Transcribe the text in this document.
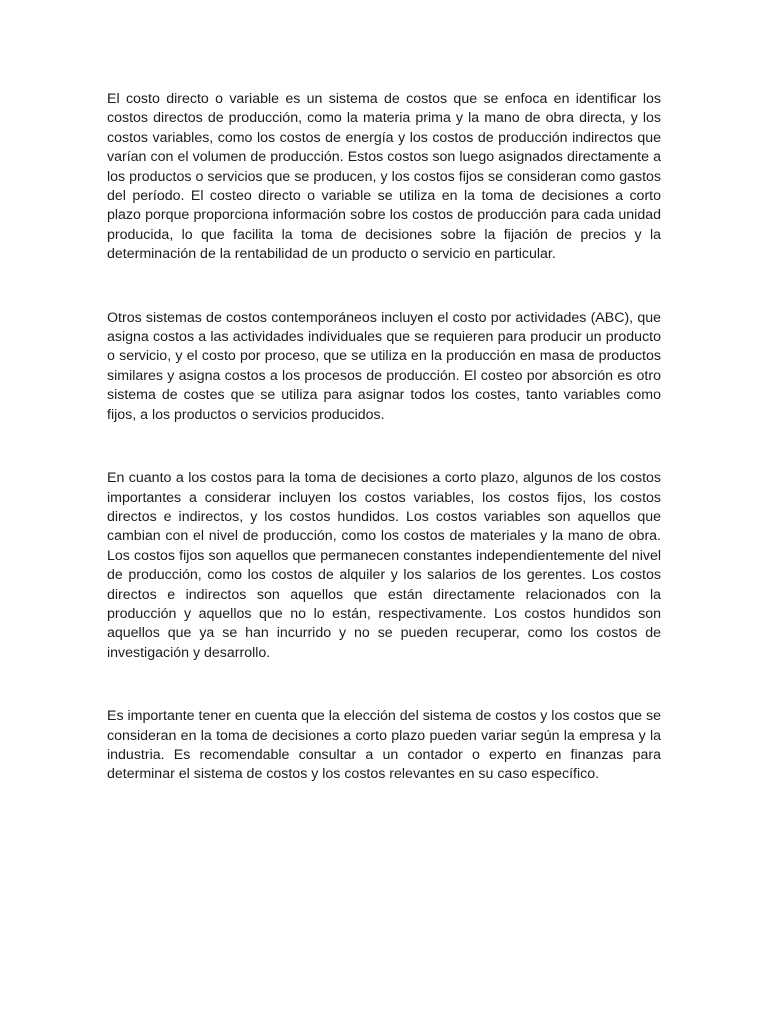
El costo directo o variable es un sistema de costos que se enfoca en identificar los costos directos de producción, como la materia prima y la mano de obra directa, y los costos variables, como los costos de energía y los costos de producción indirectos que varían con el volumen de producción. Estos costos son luego asignados directamente a los productos o servicios que se producen, y los costos fijos se consideran como gastos del período. El costeo directo o variable se utiliza en la toma de decisiones a corto plazo porque proporciona información sobre los costos de producción para cada unidad producida, lo que facilita la toma de decisiones sobre la fijación de precios y la determinación de la rentabilidad de un producto o servicio en particular.

Otros sistemas de costos contemporáneos incluyen el costo por actividades (ABC), que asigna costos a las actividades individuales que se requieren para producir un producto o servicio, y el costo por proceso, que se utiliza en la producción en masa de productos similares y asigna costos a los procesos de producción. El costeo por absorción es otro sistema de costes que se utiliza para asignar todos los costes, tanto variables como fijos, a los productos o servicios producidos.

En cuanto a los costos para la toma de decisiones a corto plazo, algunos de los costos importantes a considerar incluyen los costos variables, los costos fijos, los costos directos e indirectos, y los costos hundidos. Los costos variables son aquellos que cambian con el nivel de producción, como los costos de materiales y la mano de obra. Los costos fijos son aquellos que permanecen constantes independientemente del nivel de producción, como los costos de alquiler y los salarios de los gerentes. Los costos directos e indirectos son aquellos que están directamente relacionados con la producción y aquellos que no lo están, respectivamente. Los costos hundidos son aquellos que ya se han incurrido y no se pueden recuperar, como los costos de investigación y desarrollo.

Es importante tener en cuenta que la elección del sistema de costos y los costos que se consideran en la toma de decisiones a corto plazo pueden variar según la empresa y la industria. Es recomendable consultar a un contador o experto en finanzas para determinar el sistema de costos y los costos relevantes en su caso específico.
